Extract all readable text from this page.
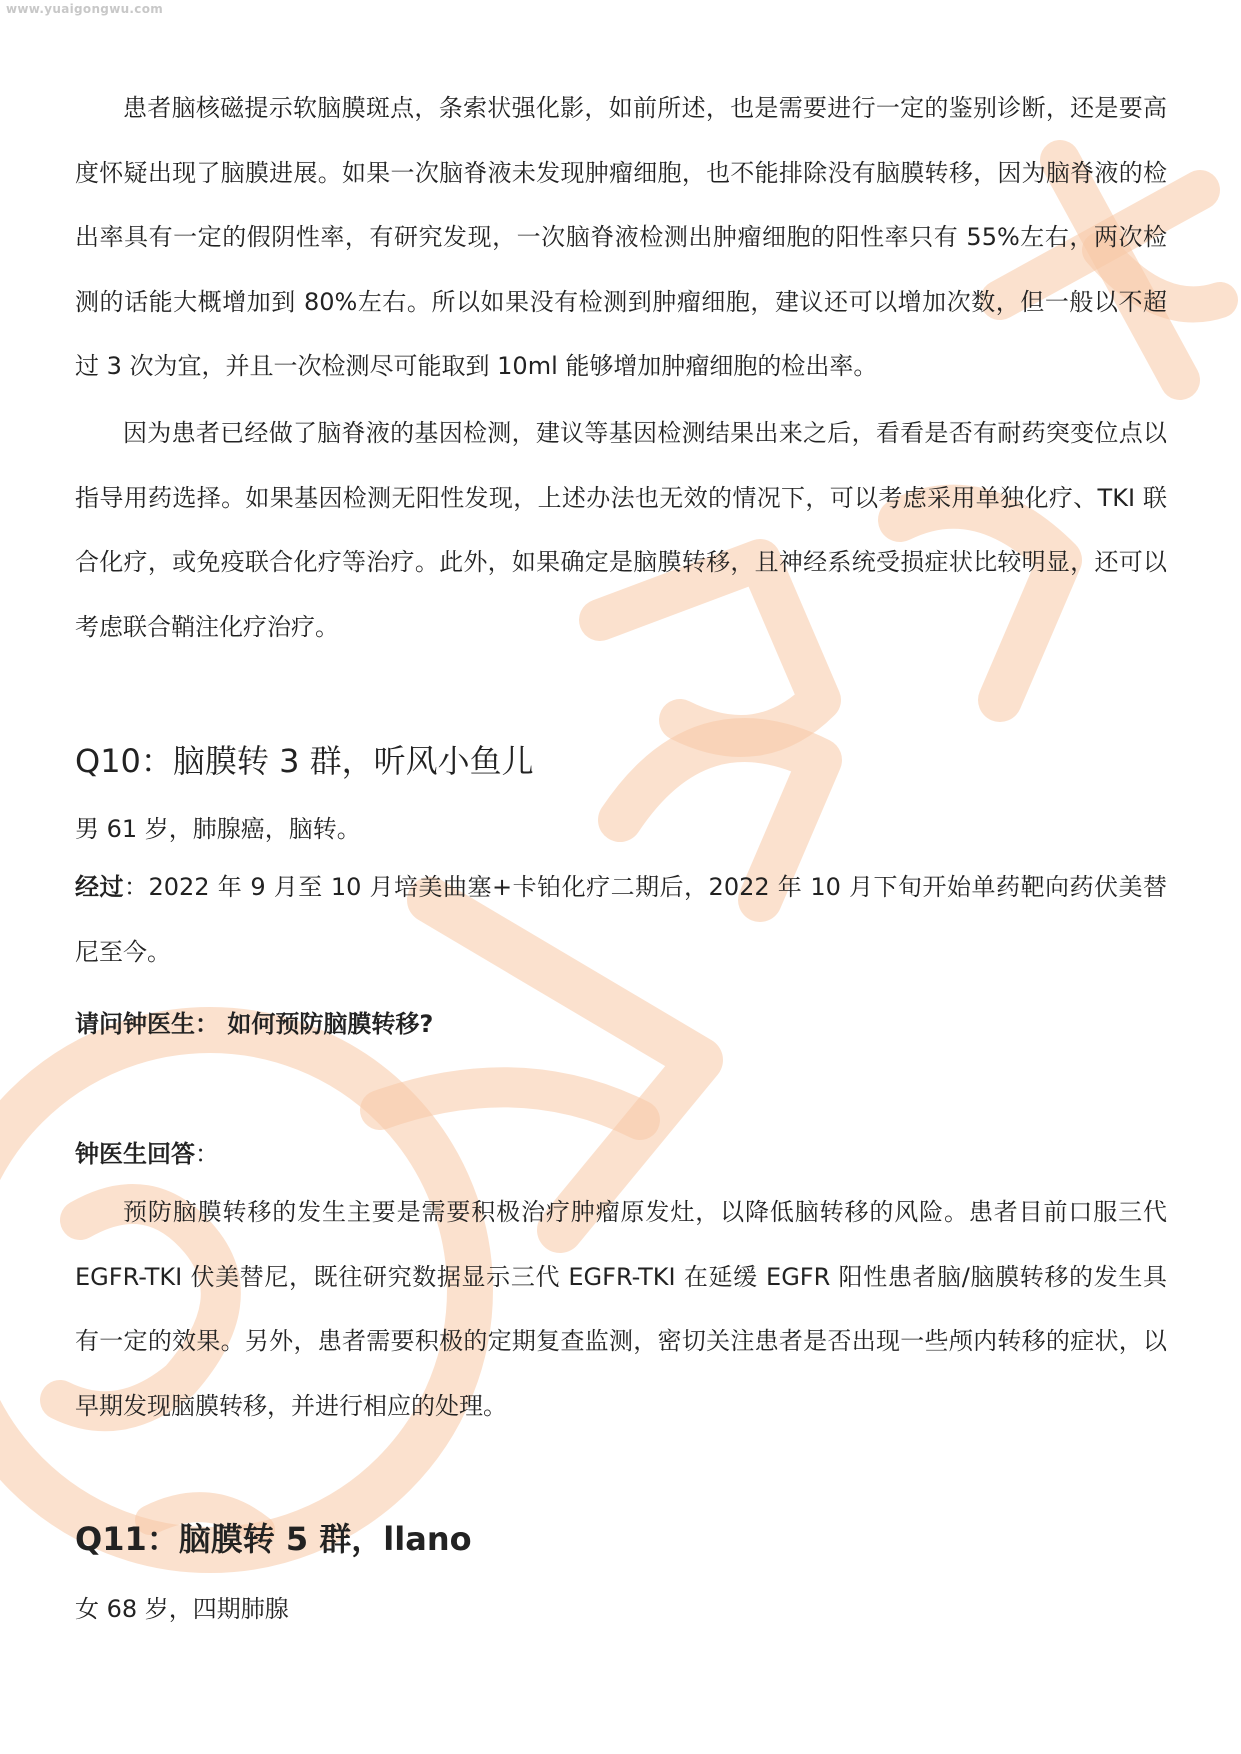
www.yuaigongwu.com

患者脑核磁提示软脑膜斑点，条索状强化影，如前所述，也是需要进行一定的鉴别诊断，还是要高度怀疑出现了脑膜进展。如果一次脑脊液未发现肿瘤细胞，也不能排除没有脑膜转移，因为脑脊液的检出率具有一定的假阴性率，有研究发现，一次脑脊液检测出肿瘤细胞的阳性率只有 55%左右，两次检测的话能大概增加到 80%左右。所以如果没有检测到肿瘤细胞，建议还可以增加次数，但一般以不超过 3 次为宜，并且一次检测尽可能取到 10ml 能够增加肿瘤细胞的检出率。

因为患者已经做了脑脊液的基因检测，建议等基因检测结果出来之后，看看是否有耐药突变位点以指导用药选择。如果基因检测无阳性发现，上述办法也无效的情况下，可以考虑采用单独化疗、TKI 联合化疗，或免疫联合化疗等治疗。此外，如果确定是脑膜转移，且神经系统受损症状比较明显，还可以考虑联合鞘注化疗治疗。

Q10：脑膜转 3 群，听风小鱼儿

男 61 岁，肺腺癌，脑转。

经过：2022 年 9 月至 10 月培美曲塞+卡铂化疗二期后，2022 年 10 月下旬开始单药靶向药伏美替尼至今。

请问钟医生： 如何预防脑膜转移?

钟医生回答：

预防脑膜转移的发生主要是需要积极治疗肿瘤原发灶，以降低脑转移的风险。患者目前口服三代 EGFR-TKI 伏美替尼，既往研究数据显示三代 EGFR-TKI 在延缓 EGFR 阳性患者脑/脑膜转移的发生具有一定的效果。另外，患者需要积极的定期复查监测，密切关注患者是否出现一些颅内转移的症状，以早期发现脑膜转移，并进行相应的处理。

Q11：脑膜转 5 群，llano

女 68 岁，四期肺腺
